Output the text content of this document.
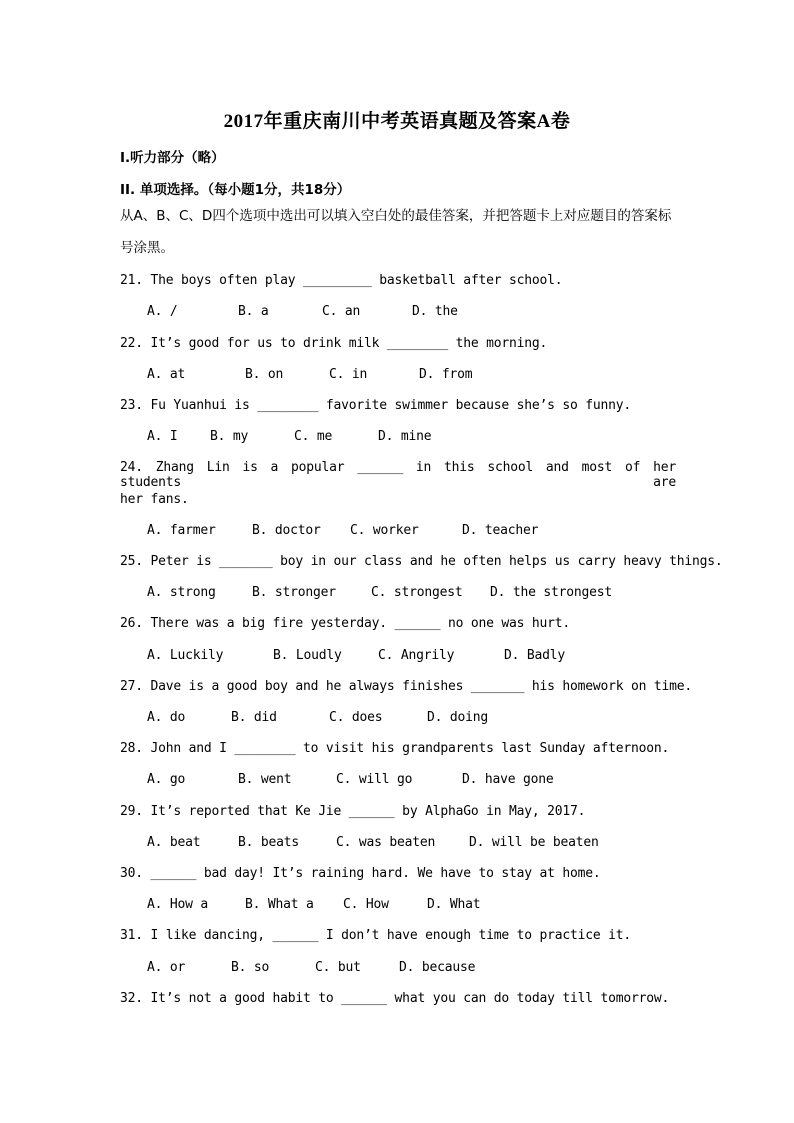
2017年重庆南川中考英语真题及答案A卷
I.听力部分（略）
II. 单项选择。（每小题1分，共18分）
从A、B、C、D四个选项中选出可以填入空白处的最佳答案，并把答题卡上对应题目的答案标号涂黑。
21. The boys often play _________ basketball after school.
A. /	B. a	C. an	D. the
22. It’s good for us to drink milk ________ the morning.
A. at	B. on	C. in	D. from
23. Fu Yuanhui is ________ favorite swimmer because she’s so funny.
A. I B. my	C. me	D. mine
24. Zhang Lin is a popular ______ in this school and most of her students are
her fans.
A. farmer	B. doctor C. worker	D. teacher
25. Peter is _______ boy in our class and he often helps us carry heavy things.
A. strong	B. stronger	C. strongest D. the strongest
26. There was a big fire yesterday. ______ no one was hurt.
A. Luckily	B. Loudly	C. Angrily	D. Badly
27. Dave is a good boy and he always finishes _______ his homework on time.
A. do	B. did	C. does	D. doing
28. John and I ________ to visit his grandparents last Sunday afternoon.
A. go	B. went	C. will go	D. have gone
29. It’s reported that Ke Jie ______ by AlphaGo in May, 2017.
A. beat	B. beats	C. was beaten	D. will be beaten
30. ______ bad day! It’s raining hard. We have to stay at home.
A. How a	B. What a C. How	D. What
31. I like dancing, ______ I don’t have enough time to practice it.
A. or	B. so	C. but	D. because
32. It’s not a good habit to ______ what you can do today till tomorrow.
